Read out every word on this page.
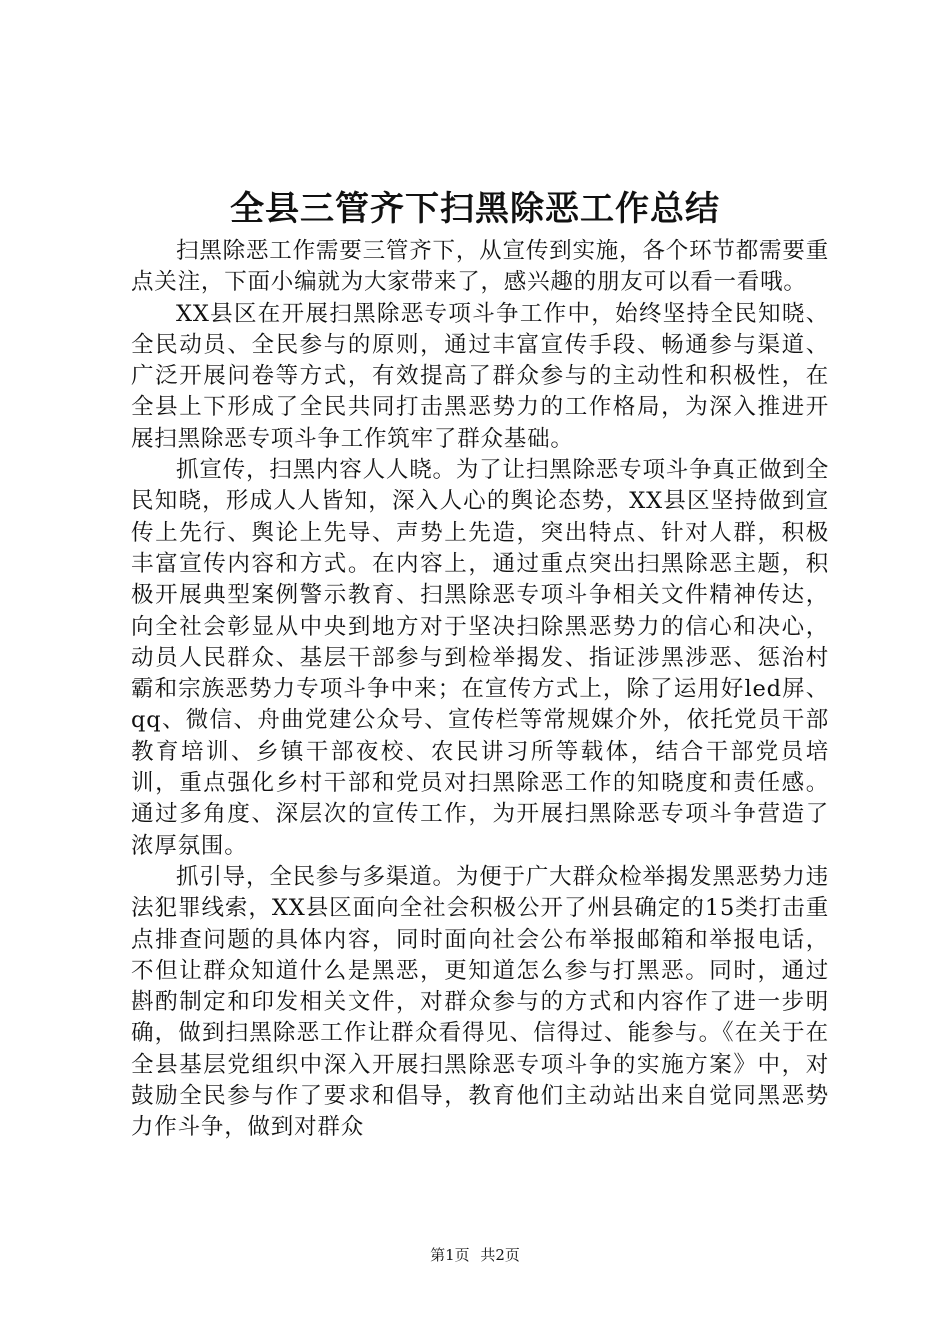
全县三管齐下扫黑除恶工作总结

扫黑除恶工作需要三管齐下，从宣传到实施，各个环节都需要重点关注，下面小编就为大家带来了，感兴趣的朋友可以看一看哦。

XX县区在开展扫黑除恶专项斗争工作中，始终坚持全民知晓、全民动员、全民参与的原则，通过丰富宣传手段、畅通参与渠道、广泛开展问卷等方式，有效提高了群众参与的主动性和积极性，在全县上下形成了全民共同打击黑恶势力的工作格局，为深入推进开展扫黑除恶专项斗争工作筑牢了群众基础。

抓宣传，扫黑内容人人晓。为了让扫黑除恶专项斗争真正做到全民知晓，形成人人皆知，深入人心的舆论态势，XX县区坚持做到宣传上先行、舆论上先导、声势上先造，突出特点、针对人群，积极丰富宣传内容和方式。在内容上，通过重点突出扫黑除恶主题，积极开展典型案例警示教育、扫黑除恶专项斗争相关文件精神传达，向全社会彰显从中央到地方对于坚决扫除黑恶势力的信心和决心，动员人民群众、基层干部参与到检举揭发、指证涉黑涉恶、惩治村霸和宗族恶势力专项斗争中来；在宣传方式上，除了运用好led屏、qq、微信、舟曲党建公众号、宣传栏等常规媒介外，依托党员干部教育培训、乡镇干部夜校、农民讲习所等载体，结合干部党员培训，重点强化乡村干部和党员对扫黑除恶工作的知晓度和责任感。通过多角度、深层次的宣传工作，为开展扫黑除恶专项斗争营造了浓厚氛围。

抓引导，全民参与多渠道。为便于广大群众检举揭发黑恶势力违法犯罪线索，XX县区面向全社会积极公开了州县确定的15类打击重点排查问题的具体内容，同时面向社会公布举报邮箱和举报电话，不但让群众知道什么是黑恶，更知道怎么参与打黑恶。同时，通过斟酌制定和印发相关文件，对群众参与的方式和内容作了进一步明确，做到扫黑除恶工作让群众看得见、信得过、能参与。《在关于在全县基层党组织中深入开展扫黑除恶专项斗争的实施方案》中，对鼓励全民参与作了要求和倡导，教育他们主动站出来自觉同黑恶势力作斗争，做到对群众

第1页 共2页
